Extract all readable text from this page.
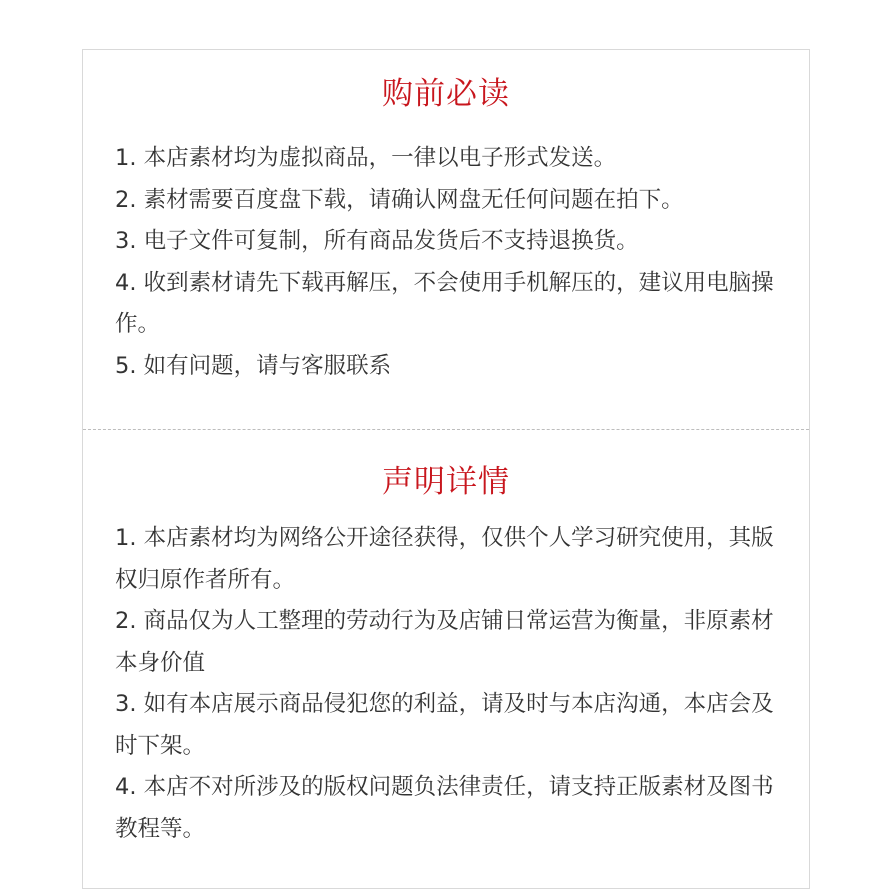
购前必读
1. 本店素材均为虚拟商品，一律以电子形式发送。
2. 素材需要百度盘下载，请确认网盘无任何问题在拍下。
3. 电子文件可复制，所有商品发货后不支持退换货。
4. 收到素材请先下载再解压，不会使用手机解压的，建议用电脑操作。
5. 如有问题，请与客服联系
声明详情
1. 本店素材均为网络公开途径获得，仅供个人学习研究使用，其版权归原作者所有。
2. 商品仅为人工整理的劳动行为及店铺日常运营为衡量，非原素材本身价值
3. 如有本店展示商品侵犯您的利益，请及时与本店沟通，本店会及时下架。
4. 本店不对所涉及的版权问题负法律责任，请支持正版素材及图书教程等。
